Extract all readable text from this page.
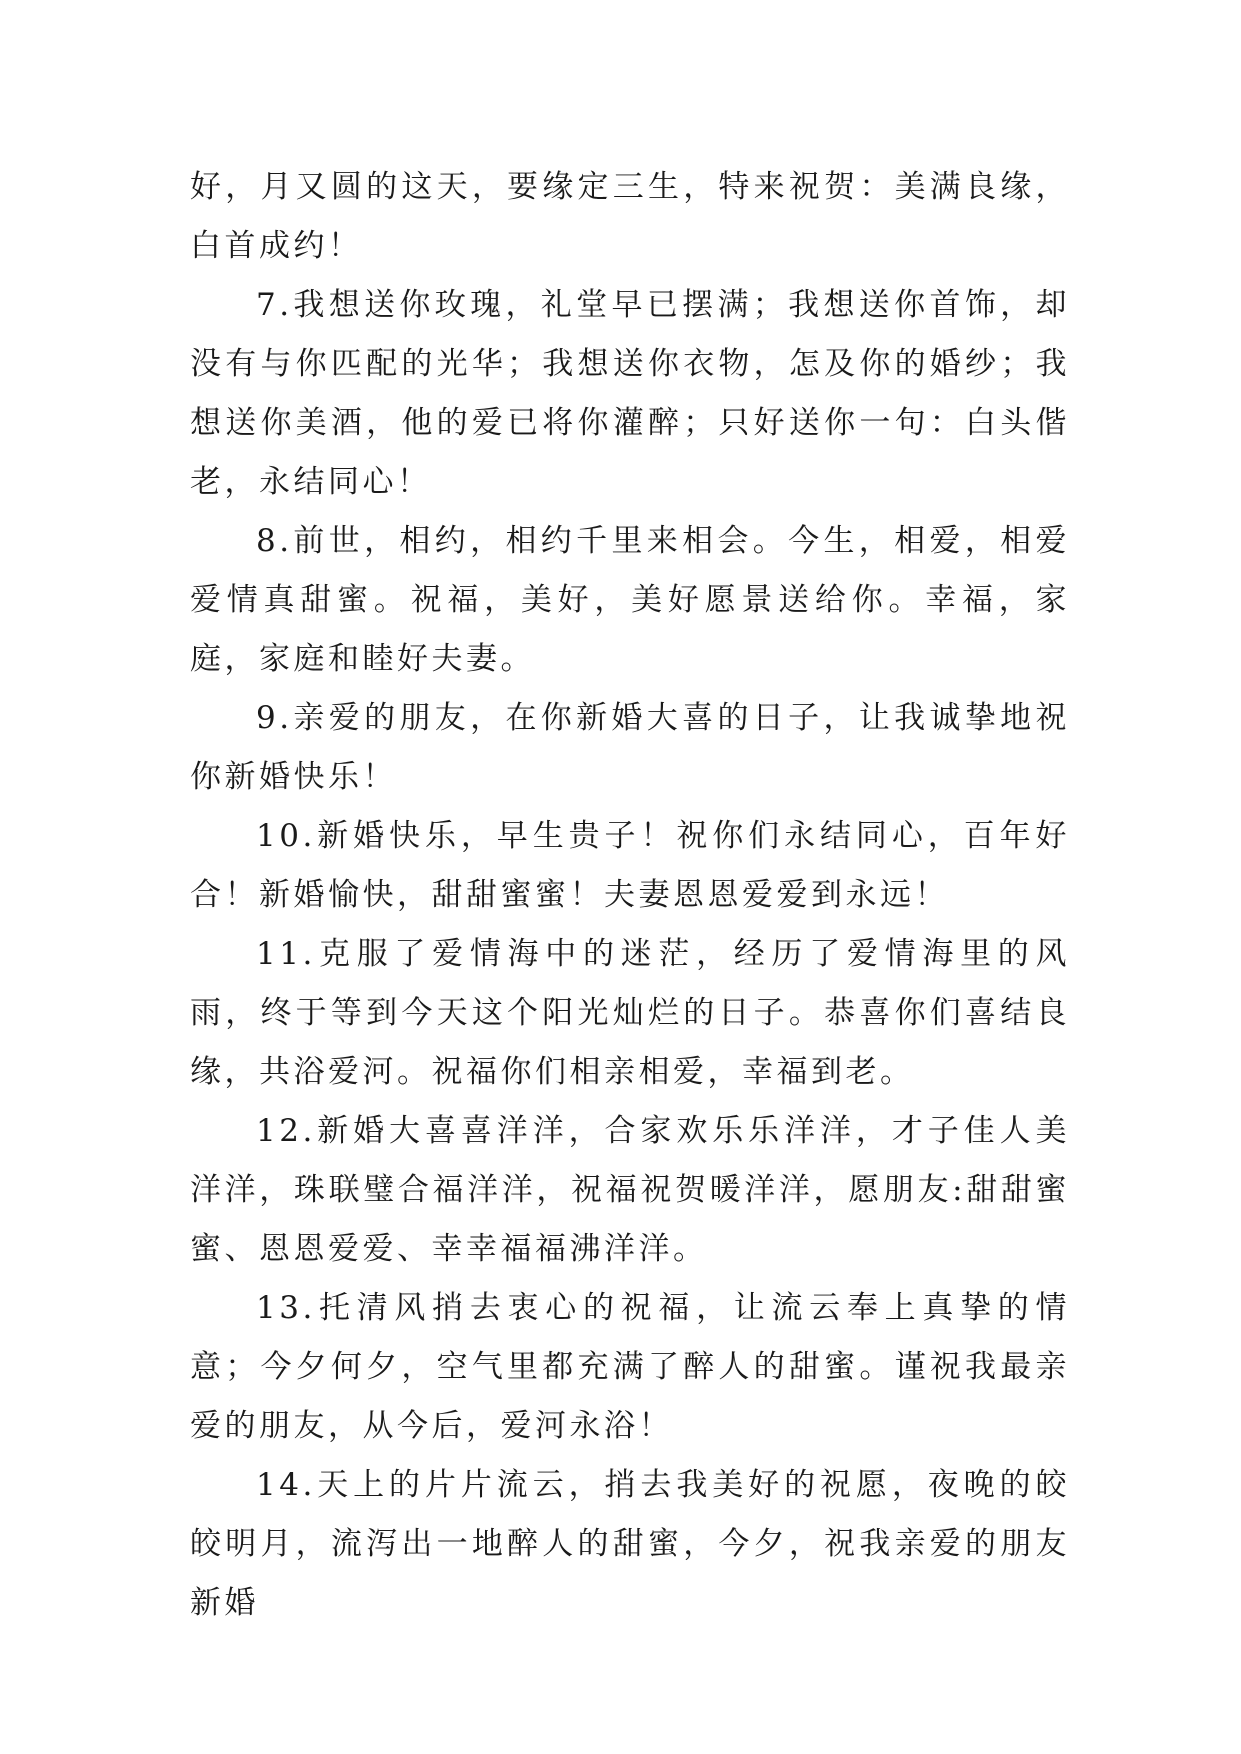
好，月又圆的这天，要缘定三生，特来祝贺：美满良缘，白首成约！

7.我想送你玫瑰，礼堂早已摆满；我想送你首饰，却没有与你匹配的光华；我想送你衣物，怎及你的婚纱；我想送你美酒，他的爱已将你灌醉；只好送你一句：白头偕老，永结同心！

8.前世，相约，相约千里来相会。今生，相爱，相爱爱情真甜蜜。祝福，美好，美好愿景送给你。幸福，家庭，家庭和睦好夫妻。

9.亲爱的朋友，在你新婚大喜的日子，让我诚挚地祝你新婚快乐！

10.新婚快乐，早生贵子！祝你们永结同心，百年好合！新婚愉快，甜甜蜜蜜！夫妻恩恩爱爱到永远！

11.克服了爱情海中的迷茫，经历了爱情海里的风雨，终于等到今天这个阳光灿烂的日子。恭喜你们喜结良缘，共浴爱河。祝福你们相亲相爱，幸福到老。

12.新婚大喜喜洋洋，合家欢乐乐洋洋，才子佳人美洋洋，珠联璧合福洋洋，祝福祝贺暖洋洋，愿朋友:甜甜蜜蜜、恩恩爱爱、幸幸福福沸洋洋。

13.托清风捎去衷心的祝福，让流云奉上真挚的情意；今夕何夕，空气里都充满了醉人的甜蜜。谨祝我最亲爱的朋友，从今后，爱河永浴！

14.天上的片片流云，捎去我美好的祝愿，夜晚的皎皎明月，流泻出一地醉人的甜蜜，今夕，祝我亲爱的朋友新婚
